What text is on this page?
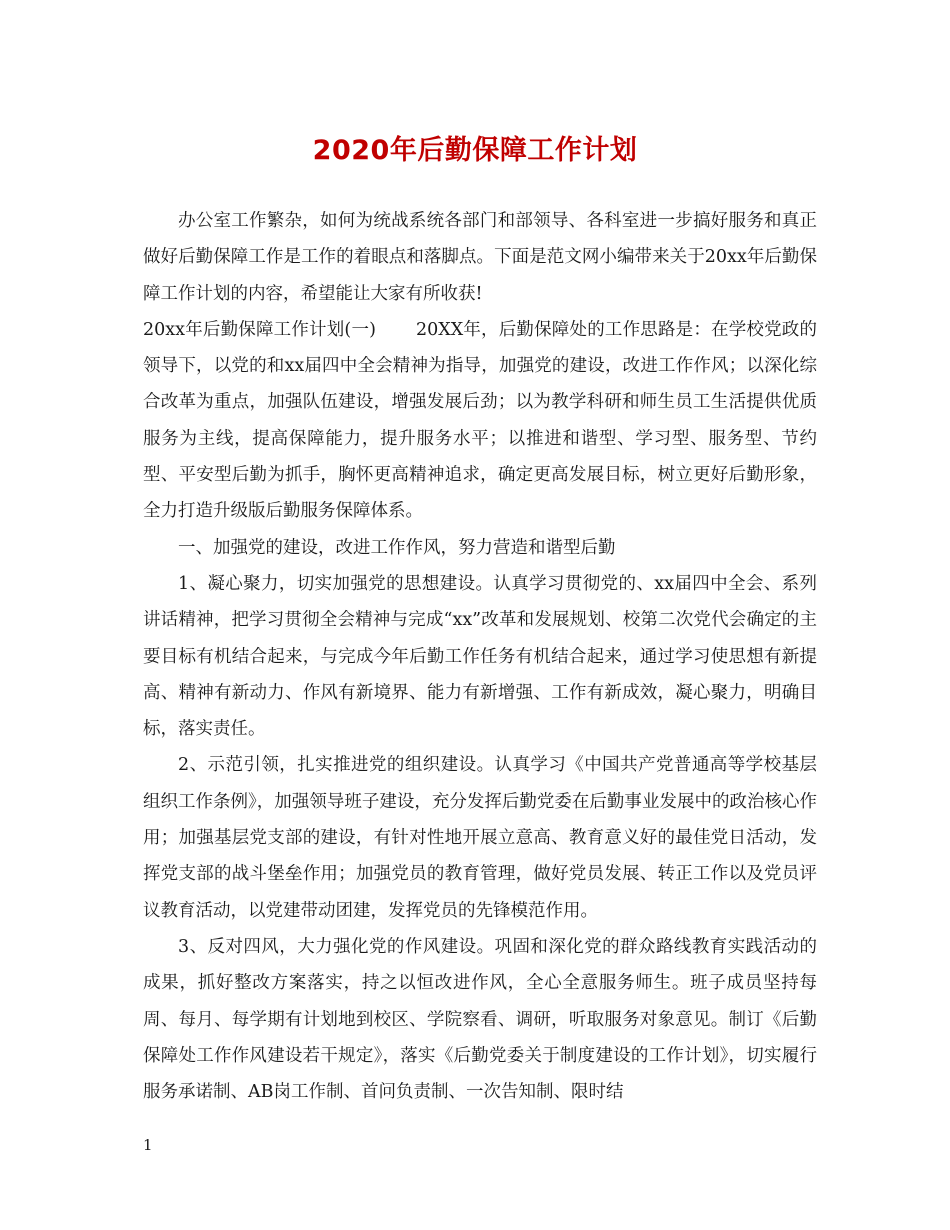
2020年后勤保障工作计划

办公室工作繁杂，如何为统战系统各部门和部领导、各科室进一步搞好服务和真正做好后勤保障工作是工作的着眼点和落脚点。下面是范文网小编带来关于20xx年后勤保障工作计划的内容，希望能让大家有所收获!

20xx年后勤保障工作计划(一) 20XX年，后勤保障处的工作思路是：在学校党政的领导下，以党的和xx届四中全会精神为指导，加强党的建设，改进工作作风；以深化综合改革为重点，加强队伍建设，增强发展后劲；以为教学科研和师生员工生活提供优质服务为主线，提高保障能力，提升服务水平；以推进和谐型、学习型、服务型、节约型、平安型后勤为抓手，胸怀更高精神追求，确定更高发展目标，树立更好后勤形象，全力打造升级版后勤服务保障体系。

一、加强党的建设，改进工作作风，努力营造和谐型后勤

1、凝心聚力，切实加强党的思想建设。认真学习贯彻党的、xx届四中全会、系列讲话精神，把学习贯彻全会精神与完成“xx”改革和发展规划、校第二次党代会确定的主要目标有机结合起来，与完成今年后勤工作任务有机结合起来，通过学习使思想有新提高、精神有新动力、作风有新境界、能力有新增强、工作有新成效，凝心聚力，明确目标，落实责任。

2、示范引领，扎实推进党的组织建设。认真学习《中国共产党普通高等学校基层组织工作条例》，加强领导班子建设，充分发挥后勤党委在后勤事业发展中的政治核心作用；加强基层党支部的建设，有针对性地开展立意高、教育意义好的最佳党日活动，发挥党支部的战斗堡垒作用；加强党员的教育管理，做好党员发展、转正工作以及党员评议教育活动，以党建带动团建，发挥党员的先锋模范作用。

3、反对四风，大力强化党的作风建设。巩固和深化党的群众路线教育实践活动的成果，抓好整改方案落实，持之以恒改进作风，全心全意服务师生。班子成员坚持每周、每月、每学期有计划地到校区、学院察看、调研，听取服务对象意见。制订《后勤保障处工作作风建设若干规定》，落实《后勤党委关于制度建设的工作计划》，切实履行服务承诺制、AB岗工作制、首问负责制、一次告知制、限时结

1
